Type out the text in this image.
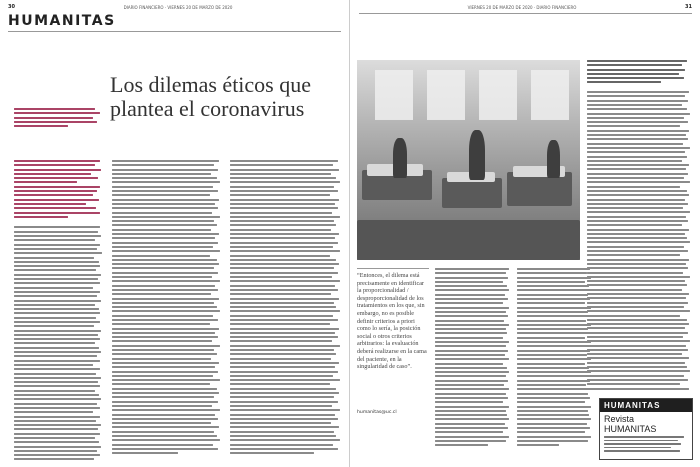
30	DIARIO FINANCIERO · VIERNES 20 DE MARZO DE 2020
HUMANITAS
Los dilemas éticos que plantea el coronavirus
VIERNES 20 DE MARZO DE 2020 · DIARIO FINANCIERO	31
“Entonces, el dilema está precisamente en identificar la proporcionalidad / desproporcionalidad de los tratamientos en los que, sin embargo, no es posible definir criterios a priori como lo sería, la posición social o otros criterios arbitrarios: la evaluación deberá realizarse en la cama del paciente, en la singularidad de caso”.
humanitas@uc.cl
HUMANITAS
Revista HUMANITAS
